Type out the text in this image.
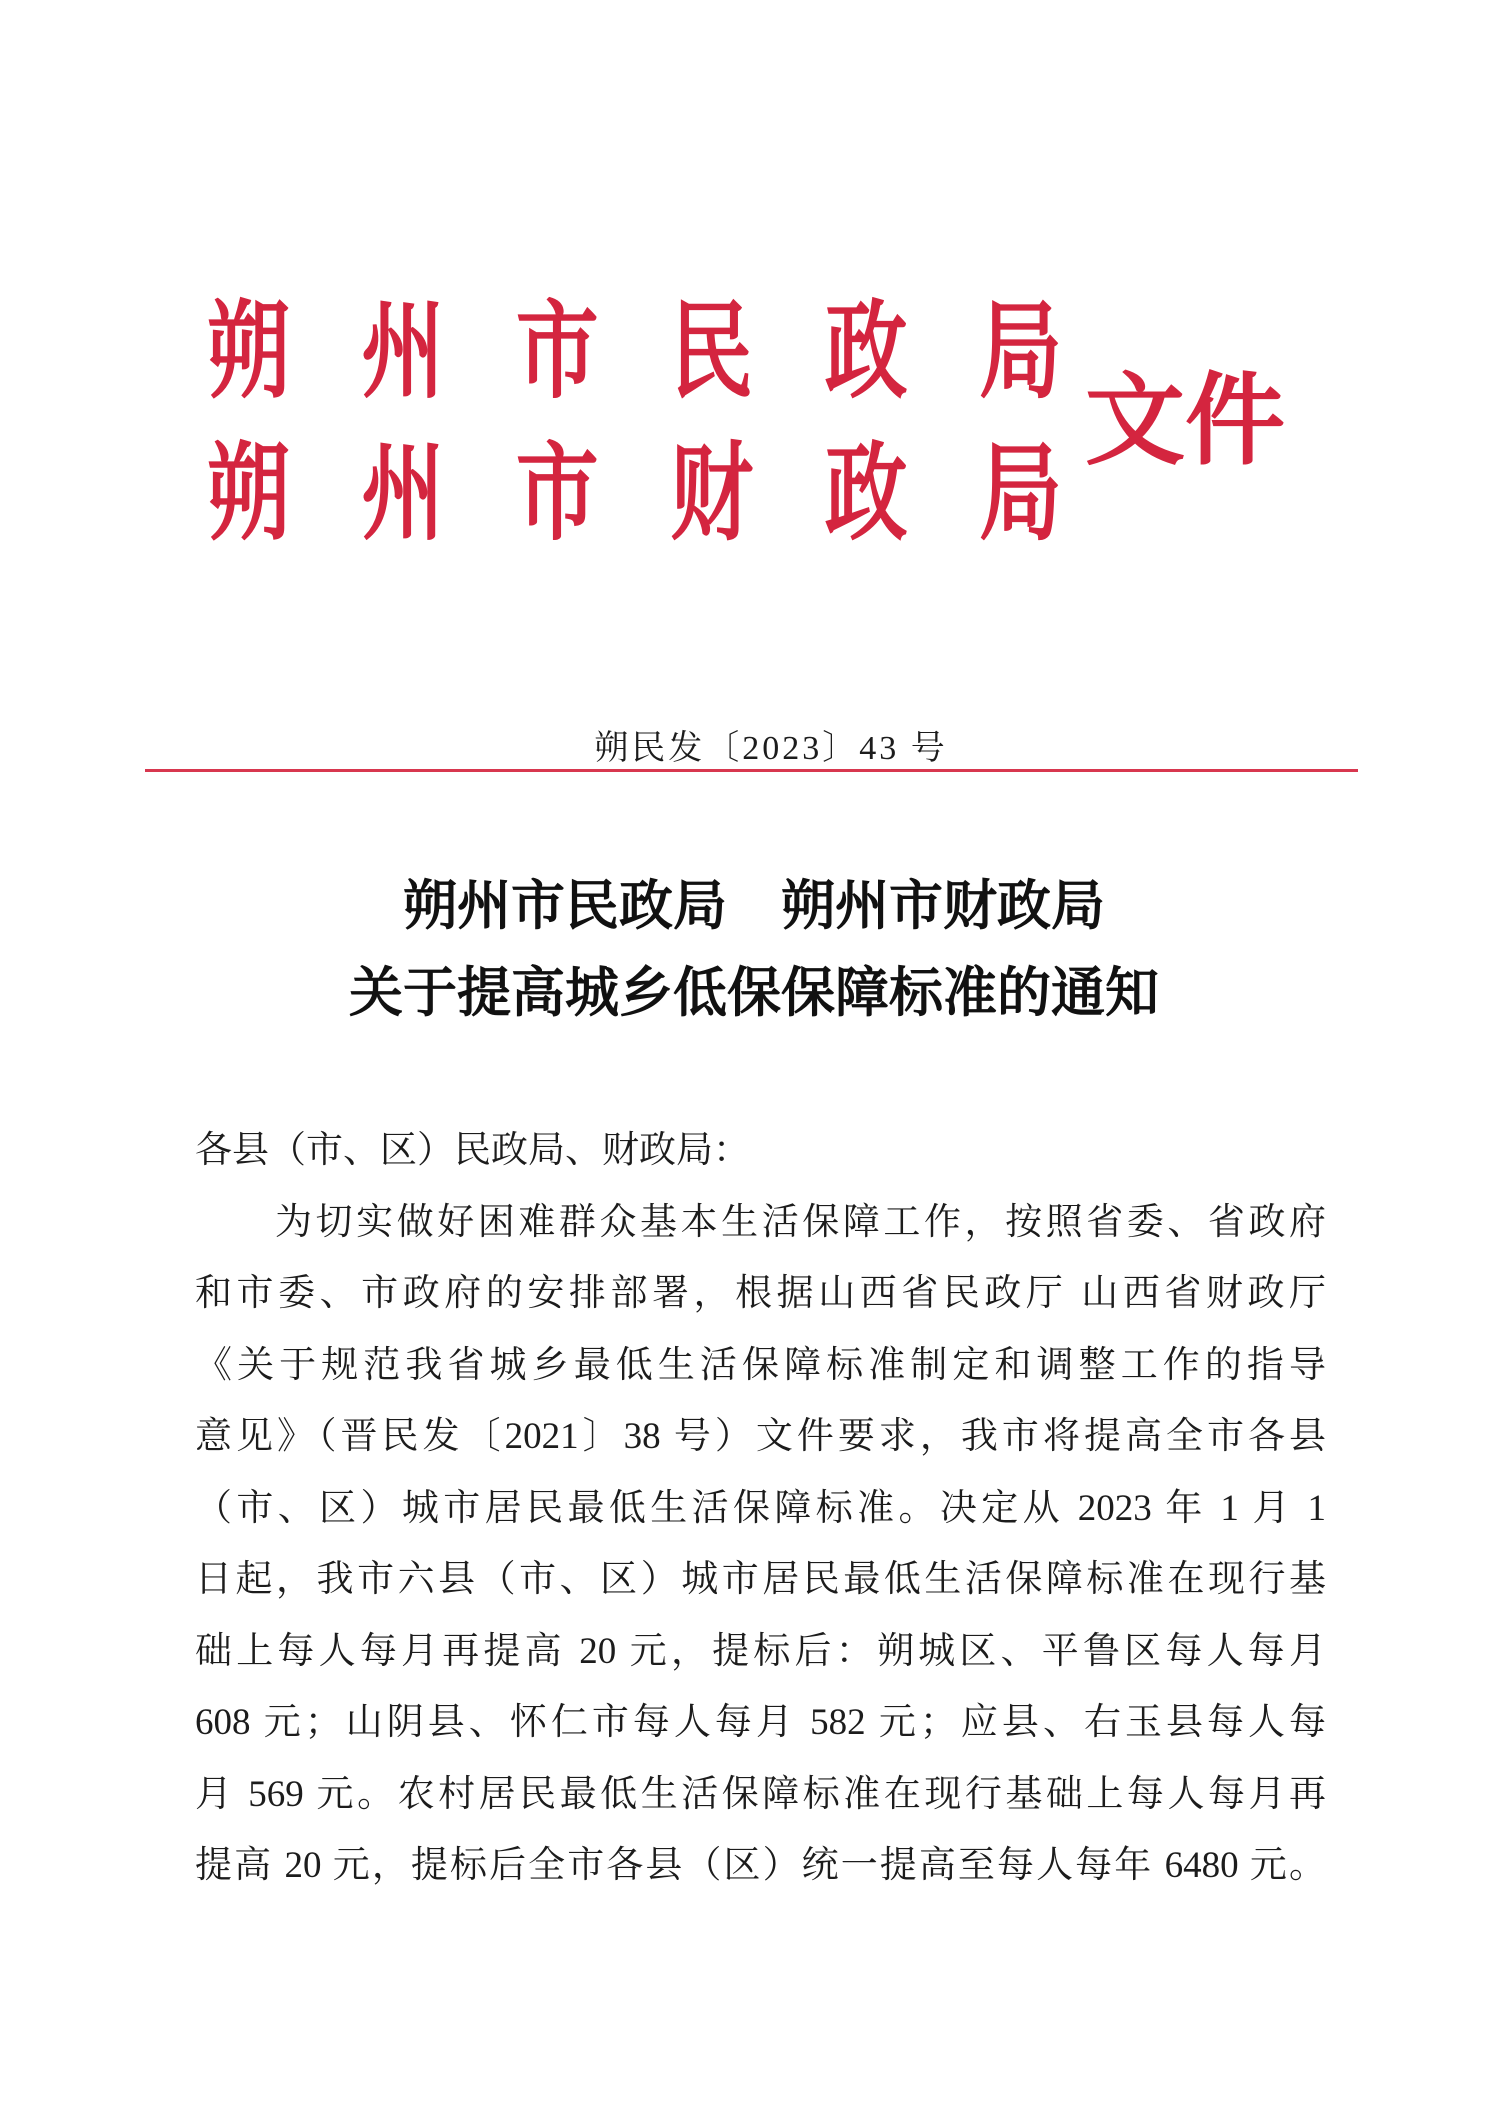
朔州市民政局
朔州市财政局
文件
朔民发〔2023〕43 号
朔州市民政局　朔州市财政局
关于提高城乡低保保障标准的通知
各县（市、区）民政局、财政局：
为切实做好困难群众基本生活保障工作，按照省委、省政府
和市委、市政府的安排部署，根据山西省民政厅 山西省财政厅
《关于规范我省城乡最低生活保障标准制定和调整工作的指导
意见》（晋民发〔2021〕38 号）文件要求，我市将提高全市各县
（市、区）城市居民最低生活保障标准。决定从 2023 年 1 月 1
日起，我市六县（市、区）城市居民最低生活保障标准在现行基
础上每人每月再提高 20 元，提标后：朔城区、平鲁区每人每月
608 元；山阴县、怀仁市每人每月 582 元；应县、右玉县每人每
月 569 元。农村居民最低生活保障标准在现行基础上每人每月再
提高 20 元，提标后全市各县（区）统一提高至每人每年 6480 元。
